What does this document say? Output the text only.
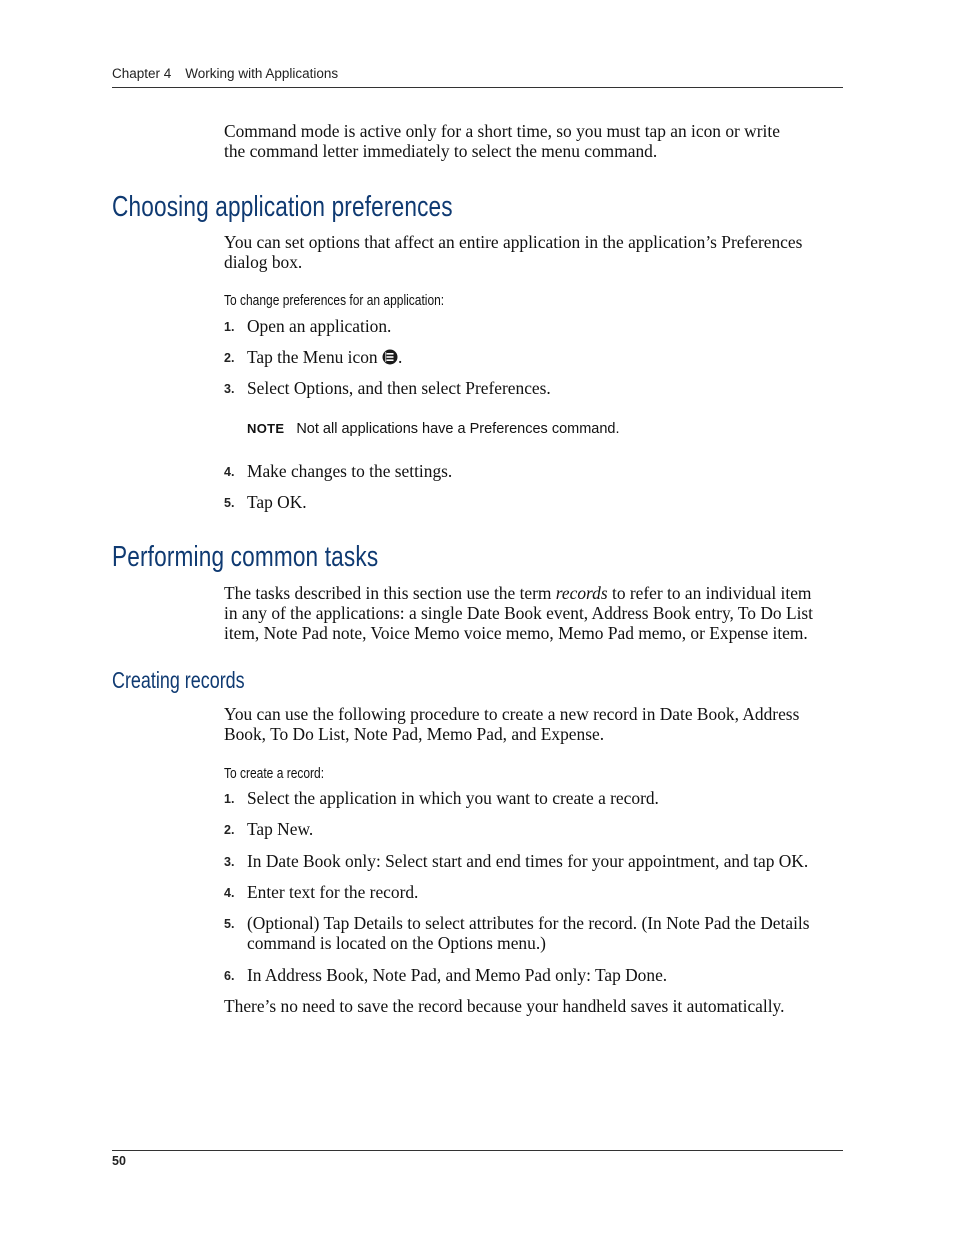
Chapter 4 Working with Applications

Command mode is active only for a short time, so you must tap an icon or write
the command letter immediately to select the menu command.

Choosing application preferences

You can set options that affect an entire application in the application’s Preferences
dialog box.

To change preferences for an application:
1. Open an application.
2. Tap the Menu icon .
3. Select Options, and then select Preferences.
NOTE Not all applications have a Preferences command.
4. Make changes to the settings.
5. Tap OK.
Performing common tasks

The tasks described in this section use the term records to refer to an individual item
in any of the applications: a single Date Book event, Address Book entry, To Do List
item, Note Pad note, Voice Memo voice memo, Memo Pad memo, or Expense item.

Creating records

You can use the following procedure to create a new record in Date Book, Address
Book, To Do List, Note Pad, Memo Pad, and Expense.

To create a record:
1. Select the application in which you want to create a record.
2. Tap New.
3. In Date Book only: Select start and end times for your appointment, and tap OK.
4. Enter text for the record.
5. (Optional) Tap Details to select attributes for the record. (In Note Pad the Details
command is located on the Options menu.)
6. In Address Book, Note Pad, and Memo Pad only: Tap Done.

There’s no need to save the record because your handheld saves it automatically.

50
